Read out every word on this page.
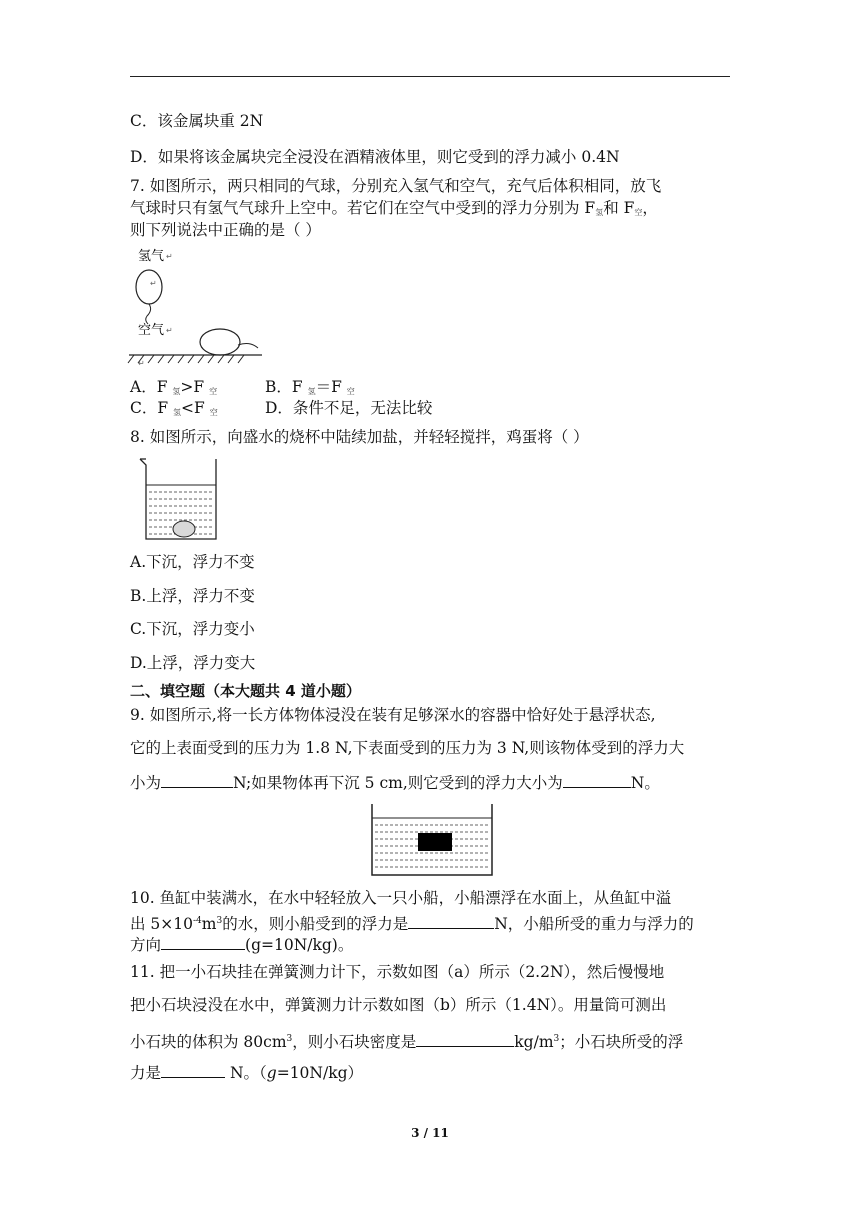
C．该金属块重 2N
D．如果将该金属块完全浸没在酒精液体里，则它受到的浮力减小 0.4N
7. 如图所示，两只相同的气球，分别充入氢气和空气，充气后体积相同，放飞
气球时只有氢气气球升上空中。若它们在空气中受到的浮力分别为 $F_氢$和 $F_空$，
则下列说法中正确的是（ ）
氢气 ↵
↵
空气 ↵
↵
A．F $_氢$>F $_空$	B．F $_氢$＝F $_空$
C．F $_氢$<F $_空$	D．条件不足，无法比较
8. 如图所示，向盛水的烧杯中陆续加盐，并轻轻搅拌，鸡蛋将（ ）
A.下沉，浮力不变
B.上浮，浮力不变
C.下沉，浮力变小
D.上浮，浮力变大
二、填空题（本大题共 4 道小题）
9. 如图所示,将一长方体物体浸没在装有足够深水的容器中恰好处于悬浮状态,
它的上表面受到的压力为 1.8 N,下表面受到的压力为 3 N,则该物体受到的浮力大
小为	N;如果物体再下沉 5 cm,则它受到的浮力大小为	N。
10. 鱼缸中装满水，在水中轻轻放入一只小船，小船漂浮在水面上，从鱼缸中溢
出 $5\times 10^{-4}m^3$的水，则小船受到的浮力是	N，小船所受的重力与浮力的
方向	(g=10N/kg)。
11. 把一小石块挂在弹簧测力计下，示数如图（a）所示（2.2N），然后慢慢地
把小石块浸没在水中，弹簧测力计示数如图（b）所示（1.4N）。用量筒可测出
小石块的体积为 $80cm^3$，则小石块密度是	$kg/m^3$；小石块所受的浮
力是	N。（g=10N/kg）
3 / 11
